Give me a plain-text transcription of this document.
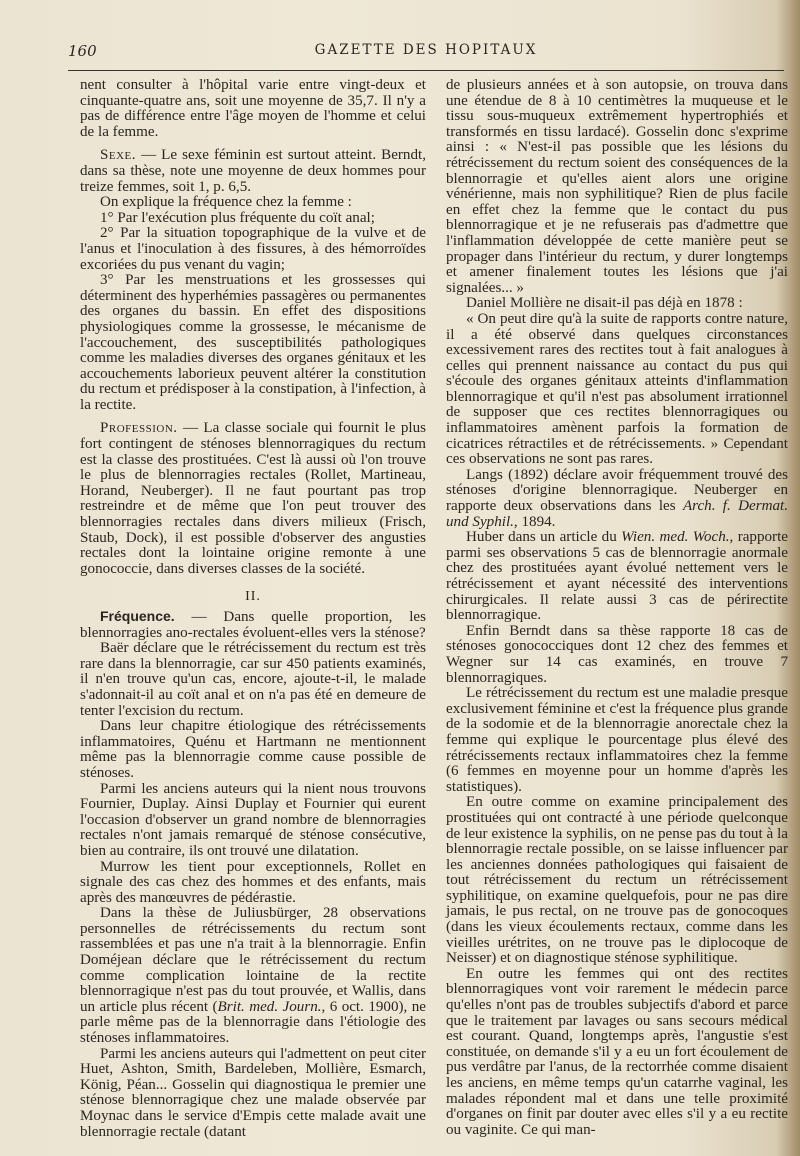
160	GAZETTE DES HOPITAUX

nent consulter à l'hôpital varie entre vingt-deux et cinquante-quatre ans, soit une moyenne de 35,7. Il n'y a pas de différence entre l'âge moyen de l'homme et celui de la femme.

Sexe. — Le sexe féminin est surtout atteint. Berndt, dans sa thèse, note une moyenne de deux hommes pour treize femmes, soit 1, p. 6,5.

On explique la fréquence chez la femme :

1° Par l'exécution plus fréquente du coït anal;

2° Par la situation topographique de la vulve et de l'anus et l'inoculation à des fissures, à des hémorroïdes excoriées du pus venant du vagin;

3° Par les menstruations et les grossesses qui déterminent des hyperhémies passagères ou permanentes des organes du bassin. En effet des dispositions physiologiques comme la grossesse, le mécanisme de l'accouchement, des susceptibilités pathologiques comme les maladies diverses des organes génitaux et les accouchements laborieux peuvent altérer la constitution du rectum et prédisposer à la constipation, à l'infection, à la rectite.

Profession. — La classe sociale qui fournit le plus fort contingent de sténoses blennorragiques du rectum est la classe des prostituées. C'est là aussi où l'on trouve le plus de blennorragies rectales (Rollet, Martineau, Horand, Neuberger). Il ne faut pourtant pas trop restreindre et de même que l'on peut trouver des blennorragies rectales dans divers milieux (Frisch, Staub, Dock), il est possible d'observer des angusties rectales dont la lointaine origine remonte à une gonococcie, dans diverses classes de la société.

II.

Fréquence. — Dans quelle proportion, les blennorragies ano-rectales évoluent-elles vers la sténose?

Baër déclare que le rétrécissement du rectum est très rare dans la blennorragie, car sur 450 patients examinés, il n'en trouve qu'un cas, encore, ajoute-t-il, le malade s'adonnait-il au coït anal et on n'a pas été en demeure de tenter l'excision du rectum.

Dans leur chapitre étiologique des rétrécissements inflammatoires, Quénu et Hartmann ne mentionnent même pas la blennorragie comme cause possible de sténoses.

Parmi les anciens auteurs qui la nient nous trouvons Fournier, Duplay. Ainsi Duplay et Fournier qui eurent l'occasion d'observer un grand nombre de blennorragies rectales n'ont jamais remarqué de sténose consécutive, bien au contraire, ils ont trouvé une dilatation.

Murrow les tient pour exceptionnels, Rollet en signale des cas chez des hommes et des enfants, mais après des manœuvres de pédérastie.

Dans la thèse de Juliusbürger, 28 observations personnelles de rétrécissements du rectum sont rassemblées et pas une n'a trait à la blennorragie. Enfin Doméjean déclare que le rétrécissement du rectum comme complication lointaine de la rectite blennorragique n'est pas du tout prouvée, et Wallis, dans un article plus récent (Brit. med. Journ., 6 oct. 1900), ne parle même pas de la blennorragie dans l'étiologie des sténoses inflammatoires.

Parmi les anciens auteurs qui l'admettent on peut citer Huet, Ashton, Smith, Bardeleben, Mollière, Esmarch, König, Péan... Gosselin qui diagnostiqua le premier une sténose blennorragique chez une malade observée par Moynac dans le service d'Empis cette malade avait une blennorragie rectale (datant

de plusieurs années et à son autopsie, on trouva dans une étendue de 8 à 10 centimètres la muqueuse et le tissu sous-muqueux extrêmement hypertrophiés et transformés en tissu lardacé). Gosselin donc s'exprime ainsi : « N'est-il pas possible que les lésions du rétrécissement du rectum soient des conséquences de la blennorragie et qu'elles aient alors une origine vénérienne, mais non syphilitique? Rien de plus facile en effet chez la femme que le contact du pus blennorragique et je ne refuserais pas d'admettre que l'inflammation développée de cette manière peut se propager dans l'intérieur du rectum, y durer longtemps et amener finalement toutes les lésions que j'ai signalées... »

Daniel Mollière ne disait-il pas déjà en 1878 :

« On peut dire qu'à la suite de rapports contre nature, il a été observé dans quelques circonstances excessivement rares des rectites tout à fait analogues à celles qui prennent naissance au contact du pus qui s'écoule des organes génitaux atteints d'inflammation blennorragique et qu'il n'est pas absolument irrationnel de supposer que ces rectites blennorragiques ou inflammatoires amènent parfois la formation de cicatrices rétractiles et de rétrécissements. » Cependant ces observations ne sont pas rares.

Langs (1892) déclare avoir fréquemment trouvé des sténoses d'origine blennorragique. Neuberger en rapporte deux observations dans les Arch. f. Dermat. und Syphil., 1894.

Huber dans un article du Wien. med. Woch., rapporte parmi ses observations 5 cas de blennorragie anormale chez des prostituées ayant évolué nettement vers le rétrécissement et ayant nécessité des interventions chirurgicales. Il relate aussi 3 cas de périrectite blennorragique.

Enfin Berndt dans sa thèse rapporte 18 cas de sténoses gonococciques dont 12 chez des femmes et Wegner sur 14 cas examinés, en trouve 7 blennorragiques.

Le rétrécissement du rectum est une maladie presque exclusivement féminine et c'est la fréquence plus grande de la sodomie et de la blennorragie anorectale chez la femme qui explique le pourcentage plus élevé des rétrécissements rectaux inflammatoires chez la femme (6 femmes en moyenne pour un homme d'après les statistiques).

En outre comme on examine principalement des prostituées qui ont contracté à une période quelconque de leur existence la syphilis, on ne pense pas du tout à la blennorragie rectale possible, on se laisse influencer par les anciennes données pathologiques qui faisaient de tout rétrécissement du rectum un rétrécissement syphilitique, on examine quelquefois, pour ne pas dire jamais, le pus rectal, on ne trouve pas de gonocoques (dans les vieux écoulements rectaux, comme dans les vieilles urétrites, on ne trouve pas le diplocoque de Neisser) et on diagnostique sténose syphilitique.

En outre les femmes qui ont des rectites blennorragiques vont voir rarement le médecin parce qu'elles n'ont pas de troubles subjectifs d'abord et parce que le traitement par lavages ou sans secours médical est courant. Quand, longtemps après, l'angustie s'est constituée, on demande s'il y a eu un fort écoulement de pus verdâtre par l'anus, de la rectorrhée comme disaient les anciens, en même temps qu'un catarrhe vaginal, les malades répondent mal et dans une telle proximité d'organes on finit par douter avec elles s'il y a eu rectite ou vaginite. Ce qui man-
